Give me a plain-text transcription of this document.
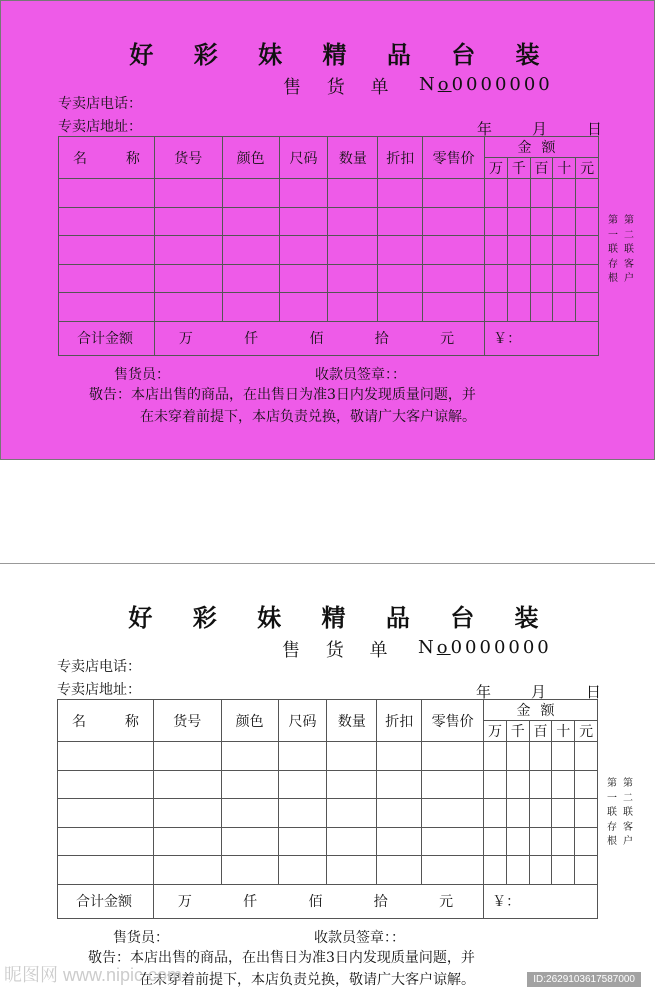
好 彩 妹 精 品 台 装
售 货 单 No0000000
专卖店电话：
专卖店地址：	年	月	日
名 称	货号	颜色	尺码	数量	折扣	零售价	金额				
							万	千	百	十	元

合计金额	万 仟 佰 拾 元						￥：				
第
一
联
存
根
第
二
联
客
户
售货员：	收款员签章：：
敬告：本店出售的商品，在出售日为准3日内发现质量问题，并
在未穿着前提下，本店负责兑换，敬请广大客户谅解。
好 彩 妹 精 品 台 装
售 货 单 No0000000
专卖店电话：
专卖店地址：	年	月	日
名 称	货号	颜色	尺码	数量	折扣	零售价	金额				
							万	千	百	十	元

合计金额	万 仟 佰 拾 元						￥：				
第
一
联
存
根
第
二
联
客
户
售货员：	收款员签章：：
敬告：本店出售的商品，在出售日为准3日内发现质量问题，并
在未穿着前提下，本店负责兑换，敬请广大客户谅解。
昵图网 www.nipic.com	ID:2629103617587000
